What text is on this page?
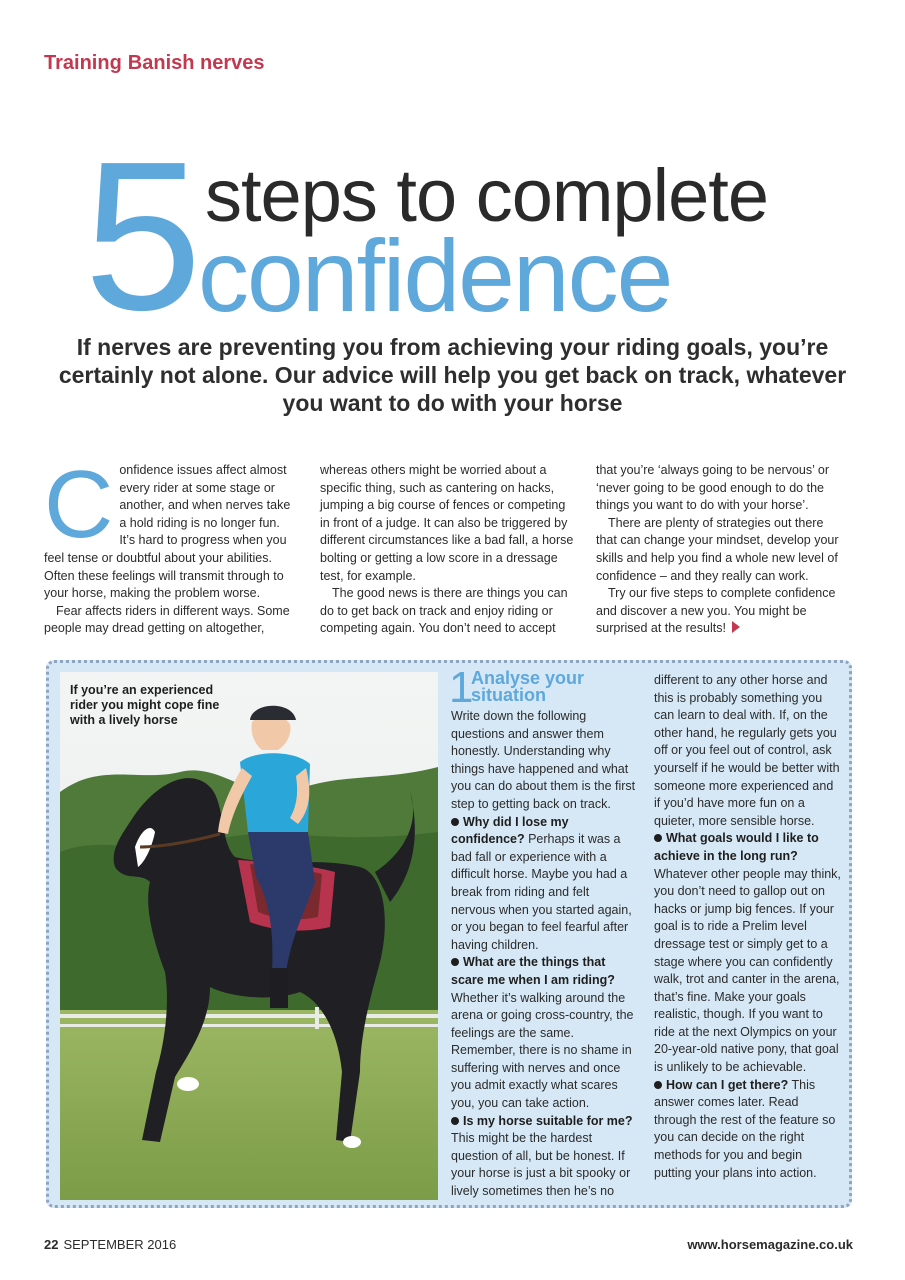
Training Banish nerves
5 steps to complete
confidence
If nerves are preventing you from achieving your riding goals, you’re certainly not alone. Our advice will help you get back on track, whatever you want to do with your horse
C onfidence issues affect almost every rider at some stage or another, and when nerves take a hold riding is no longer fun. It’s hard to progress when you feel tense or doubtful about your abilities. Often these feelings will transmit through to your horse, making the problem worse.

Fear affects riders in different ways. Some people may dread getting on altogether,

whereas others might be worried about a specific thing, such as cantering on hacks, jumping a big course of fences or competing in front of a judge. It can also be triggered by different circumstances like a bad fall, a horse bolting or getting a low score in a dressage test, for example.

The good news is there are things you can do to get back on track and enjoy riding or competing again. You don’t need to accept

that you’re ‘always going to be nervous’ or ‘never going to be good enough to do the things you want to do with your horse’.

There are plenty of strategies out there that can change your mindset, develop your skills and help you find a whole new level of confidence – and they really can work.

Try our five steps to complete confidence and discover a new you. You might be surprised at the results!

If you’re an experienced rider you might cope fine with a lively horse
1
Analyse your situation

Write down the following questions and answer them honestly. Understanding why things have happened and what you can do about them is the first step to getting back on track.

Why did I lose my confidence? Perhaps it was a bad fall or experience with a difficult horse. Maybe you had a break from riding and felt nervous when you started again, or you began to feel fearful after having children.

What are the things that scare me when I am riding? Whether it’s walking around the arena or going cross-country, the feelings are the same. Remember, there is no shame in suffering with nerves and once you admit exactly what scares you, you can take action.

Is my horse suitable for me? This might be the hardest question of all, but be honest. If your horse is just a bit spooky or lively sometimes then he’s no

different to any other horse and this is probably something you can learn to deal with. If, on the other hand, he regularly gets you off or you feel out of control, ask yourself if he would be better with someone more experienced and if you’d have more fun on a quieter, more sensible horse.

What goals would I like to achieve in the long run? Whatever other people may think, you don’t need to gallop out on hacks or jump big fences. If your goal is to ride a Prelim level dressage test or simply get to a stage where you can confidently walk, trot and canter in the arena, that’s fine. Make your goals realistic, though. If you want to ride at the next Olympics on your 20-year-old native pony, that goal is unlikely to be achievable.

How can I get there? This answer comes later. Read through the rest of the feature so you can decide on the right methods for you and begin putting your plans into action.

22 SEPTEMBER 2016	www.horsemagazine.co.uk
